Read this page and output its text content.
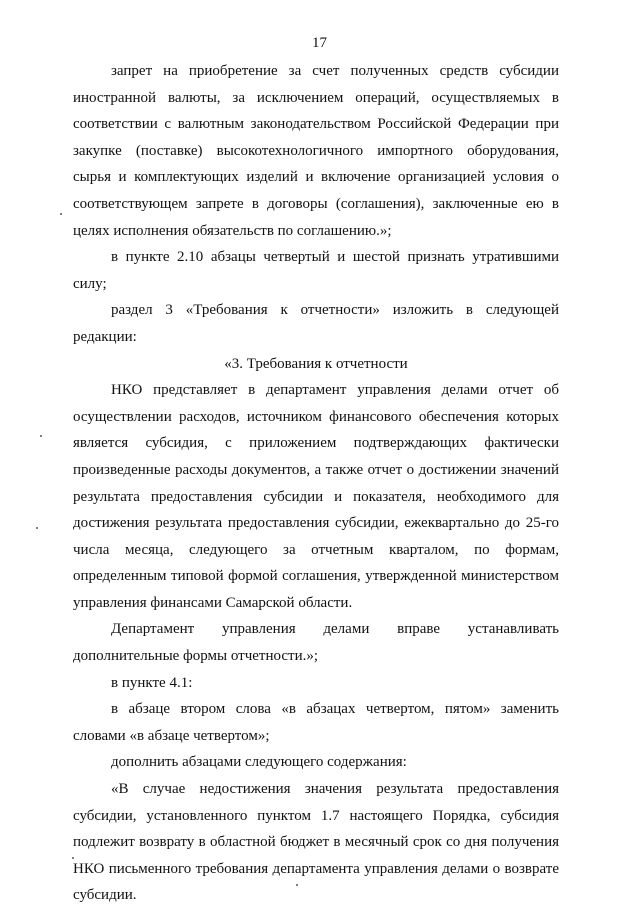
17

запрет на приобретение за счет полученных средств субсидии иностранной валюты, за исключением операций, осуществляемых в соответствии с валютным законодательством Российской Федерации при закупке (поставке) высокотехнологичного импортного оборудования, сырья и комплектующих изделий и включение организацией условия о соответствующем запрете в договоры (соглашения), заключенные ею в целях исполнения обязательств по соглашению.»;

в пункте 2.10 абзацы четвертый и шестой признать утратившими силу;

раздел 3 «Требования к отчетности» изложить в следующей редакции:

«3. Требования к отчетности

НКО представляет в департамент управления делами отчет об осуществлении расходов, источником финансового обеспечения которых является субсидия, с приложением подтверждающих фактически произведенные расходы документов, а также отчет о достижении значений результата предоставления субсидии и показателя, необходимого для достижения результата предоставления субсидии, ежеквартально до 25-го числа месяца, следующего за отчетным кварталом, по формам, определенным типовой формой соглашения, утвержденной министерством управления финансами Самарской области.

Департамент управления делами вправе устанавливать дополнительные формы отчетности.»;

в пункте 4.1:

в абзаце втором слова «в абзацах четвертом, пятом» заменить словами «в абзаце четвертом»;

дополнить абзацами следующего содержания:

«В случае недостижения значения результата предоставления субсидии, установленного пунктом 1.7 настоящего Порядка, субсидия подлежит возврату в областной бюджет в месячный срок со дня получения НКО письменного требования департамента управления делами о возврате субсидии.
